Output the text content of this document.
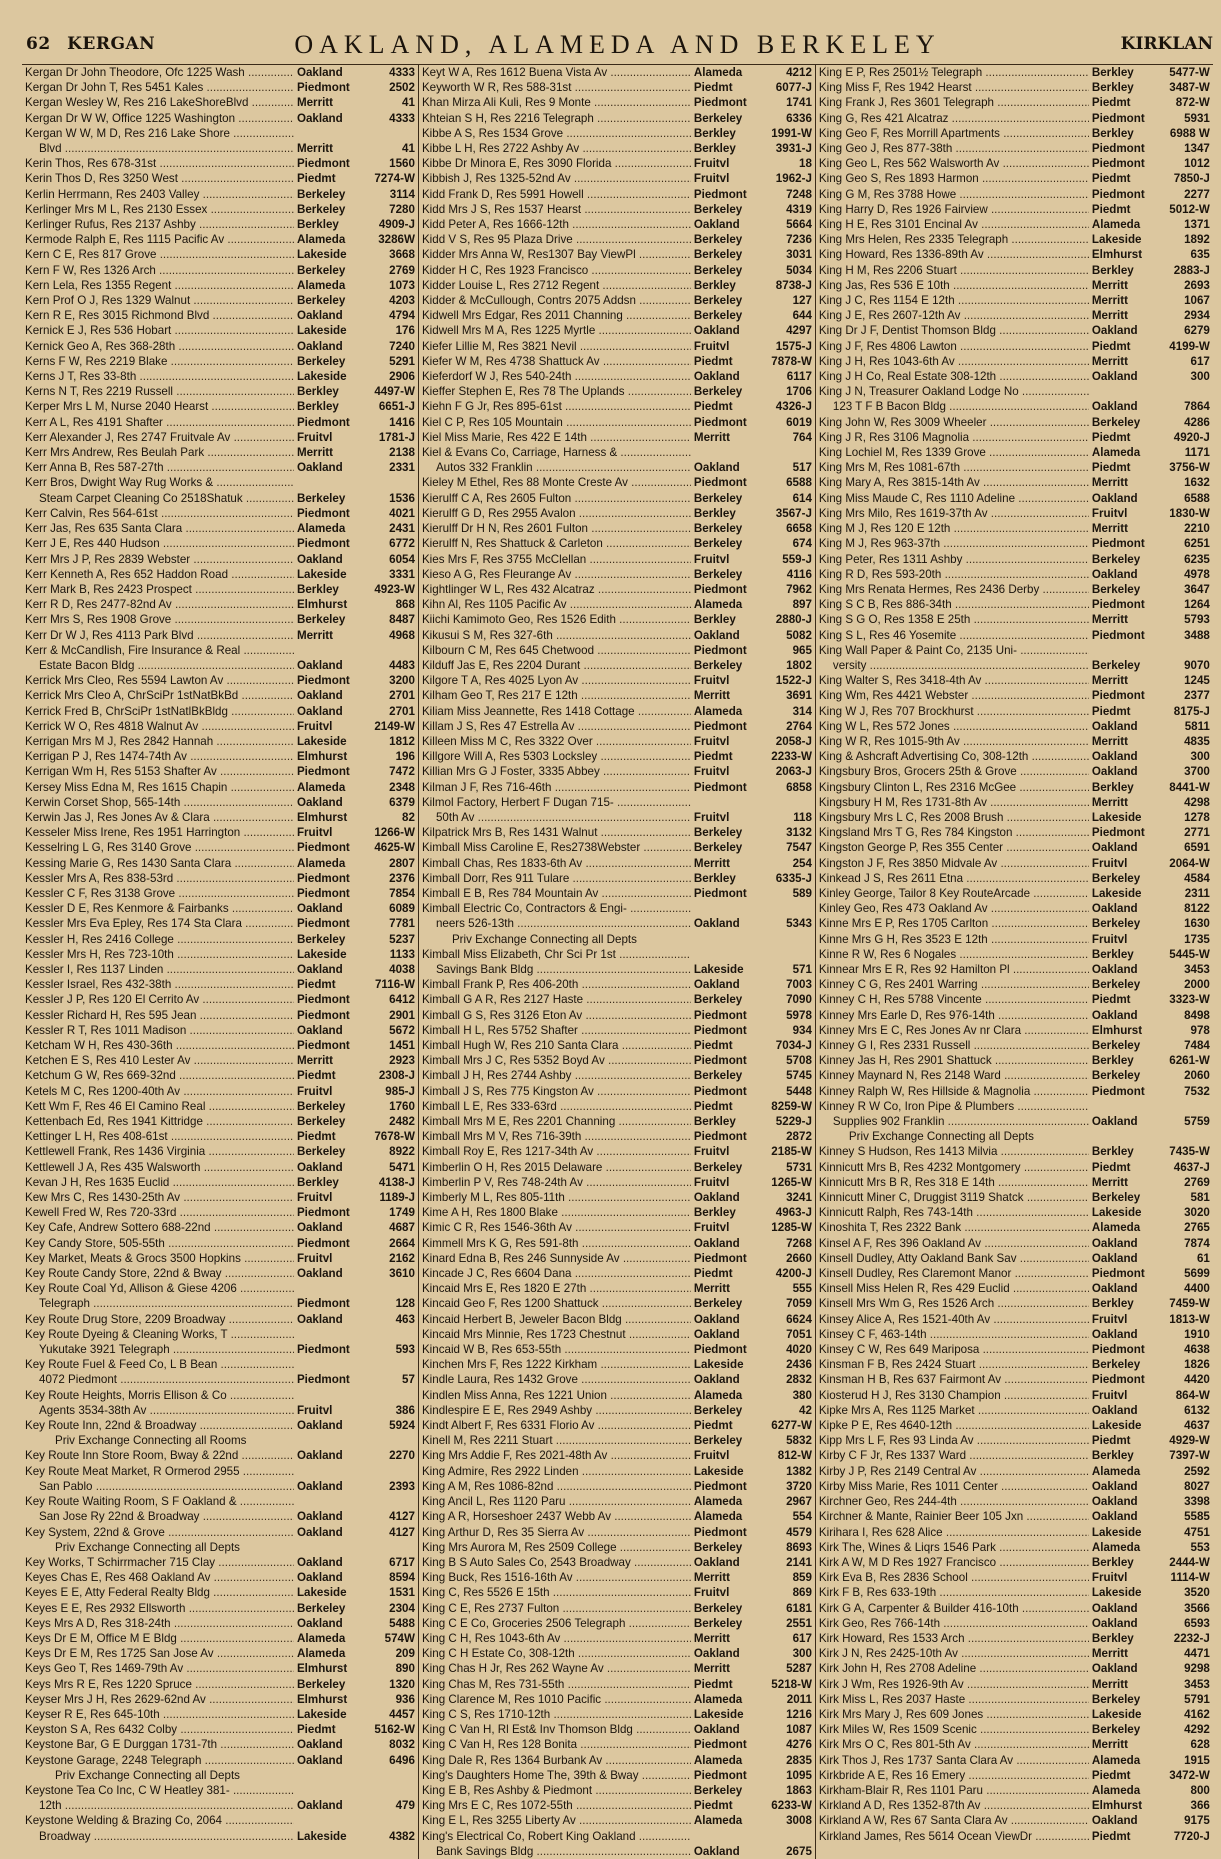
62 KERGAN	OAKLAND, ALAMEDA AND BERKELEY	KIRKLAN
Kergan Dr John Theodore, Ofc 1225 Wash .....	Oakland	4333
Kergan Dr John T, Res 5451 Kales .....	Piedmont	2502
Kergan Wesley W, Res 216 LakeShoreBlvd .....	Merritt	41
Kergan Dr W W, Office 1225 Washington .....	Oakland	4333
Kergan W W, M D, Res 216 Lake Shore .....
Blvd .....	Merritt	41
Kerin Thos, Res 678-31st .....	Piedmont	1560
Kerin Thos D, Res 3250 West .....	Piedmt	7274-W
Kerlin Herrmann, Res 2403 Valley .....	Berkeley	3114
Kerlinger Mrs M L, Res 2130 Essex .....	Berkeley	7280
Kerlinger Rufus, Res 2137 Ashby .....	Berkley	4909-J
Kermode Ralph E, Res 1115 Pacific Av .....	Alameda	3286W
Kern C E, Res 817 Grove .....	Lakeside	3668
Kern F W, Res 1326 Arch .....	Berkeley	2769
Kern Lela, Res 1355 Regent .....	Alameda	1073
Kern Prof O J, Res 1329 Walnut .....	Berkeley	4203
Kern R E, Res 3015 Richmond Blvd .....	Oakland	4794
Kernick E J, Res 536 Hobart .....	Lakeside	176
Kernick Geo A, Res 368-28th .....	Oakland	7240
Kerns F W, Res 2219 Blake .....	Berkeley	5291
Kerns J T, Res 33-8th .....	Lakeside	2906
Kerns N T, Res 2219 Russell .....	Berkley	4497-W
Kerper Mrs L M, Nurse 2040 Hearst .....	Berkley	6651-J
Kerr A L, Res 4191 Shafter .....	Piedmont	1416
Kerr Alexander J, Res 2747 Fruitvale Av .....	Fruitvl	1781-J
Kerr Mrs Andrew, Res Beulah Park .....	Merritt	2138
Kerr Anna B, Res 587-27th .....	Oakland	2331
Kerr Bros, Dwight Way Rug Works & .....
Steam Carpet Cleaning Co 2518Shatuk .....	Berkeley	1536
Kerr Calvin, Res 564-61st .....	Piedmont	4021
Kerr Jas, Res 635 Santa Clara .....	Alameda	2431
Kerr J E, Res 440 Hudson .....	Piedmont	6772
Kerr Mrs J P, Res 2839 Webster .....	Oakland	6054
Kerr Kenneth A, Res 652 Haddon Road .....	Lakeside	3331
Kerr Mark B, Res 2423 Prospect .....	Berkley	4923-W
Kerr R D, Res 2477-82nd Av .....	Elmhurst	868
Kerr Mrs S, Res 1908 Grove .....	Berkeley	8487
Kerr Dr W J, Res 4113 Park Blvd .....	Merritt	4968
Kerr & McCandlish, Fire Insurance & Real .....
Estate Bacon Bldg .....	Oakland	4483
Kerrick Mrs Cleo, Res 5594 Lawton Av .....	Piedmont	3200
Kerrick Mrs Cleo A, ChrSciPr 1stNatBkBd .....	Oakland	2701
Kerrick Fred B, ChrSciPr 1stNatlBkBldg .....	Oakland	2701
Kerrick W O, Res 4818 Walnut Av .....	Fruitvl	2149-W
Kerrigan Mrs M J, Res 2842 Hannah .....	Lakeside	1812
Kerrigan P J, Res 1474-74th Av .....	Elmhurst	196
Kerrigan Wm H, Res 5153 Shafter Av .....	Piedmont	7472
Kersey Miss Edna M, Res 1615 Chapin .....	Alameda	2348
Kerwin Corset Shop, 565-14th .....	Oakland	6379
Kerwin Jas J, Res Jones Av & Clara .....	Elmhurst	82
Kesseler Miss Irene, Res 1951 Harrington .....	Fruitvl	1266-W
Kesselring L G, Res 3140 Grove .....	Piedmont	4625-W
Kessing Marie G, Res 1430 Santa Clara .....	Alameda	2807
Kessler Mrs A, Res 838-53rd .....	Piedmont	2376
Kessler C F, Res 3138 Grove .....	Piedmont	7854
Kessler D E, Res Kenmore & Fairbanks .....	Oakland	6089
Kessler Mrs Eva Epley, Res 174 Sta Clara .....	Piedmont	7781
Kessler H, Res 2416 College .....	Berkeley	5237
Kessler Mrs H, Res 723-10th .....	Lakeside	1133
Kessler I, Res 1137 Linden .....	Oakland	4038
Kessler Israel, Res 432-38th .....	Piedmt	7116-W
Kessler J P, Res 120 El Cerrito Av .....	Piedmont	6412
Kessler Richard H, Res 595 Jean .....	Piedmont	2901
Kessler R T, Res 1011 Madison .....	Oakland	5672
Ketcham W H, Res 430-36th .....	Piedmont	1451
Ketchen E S, Res 410 Lester Av .....	Merritt	2923
Ketchum G W, Res 669-32nd .....	Piedmt	2308-J
Ketels M C, Res 1200-40th Av .....	Fruitvl	985-J
Kett Wm F, Res 46 El Camino Real .....	Berkeley	1760
Kettenbach Ed, Res 1941 Kittridge .....	Berkeley	2482
Kettinger L H, Res 408-61st .....	Piedmt	7678-W
Kettlewell Frank, Res 1436 Virginia .....	Berkeley	8922
Kettlewell J A, Res 435 Walsworth .....	Oakland	5471
Kevan J H, Res 1635 Euclid .....	Berkley	4138-J
Kew Mrs C, Res 1430-25th Av .....	Fruitvl	1189-J
Kewell Fred W, Res 720-33rd .....	Piedmont	1749
Key Cafe, Andrew Sottero 688-22nd .....	Oakland	4687
Key Candy Store, 505-55th .....	Piedmont	2664
Key Market, Meats & Grocs 3500 Hopkins .....	Fruitvl	2162
Key Route Candy Store, 22nd & Bway .....	Oakland	3610
Key Route Coal Yd, Allison & Giese 4206 .....
Telegraph .....	Piedmont	128
Key Route Drug Store, 2209 Broadway .....	Oakland	463
Key Route Dyeing & Cleaning Works, T .....
Yukutake 3921 Telegraph .....	Piedmont	593
Key Route Fuel & Feed Co, L B Bean .....
4072 Piedmont .....	Piedmont	57
Key Route Heights, Morris Ellison & Co .....
Agents 3534-38th Av .....	Fruitvl	386
Key Route Inn, 22nd & Broadway .....	Oakland	5924
Priv Exchange Connecting all Rooms
Key Route Inn Store Room, Bway & 22nd .....	Oakland	2270
Key Route Meat Market, R Ormerod 2955 .....
San Pablo .....	Oakland	2393
Key Route Waiting Room, S F Oakland & .....
San Jose Ry 22nd & Broadway .....	Oakland	4127
Key System, 22nd & Grove .....	Oakland	4127
Priv Exchange Connecting all Depts
Key Works, T Schirrmacher 715 Clay .....	Oakland	6717
Keyes Chas E, Res 468 Oakland Av .....	Oakland	8594
Keyes E E, Atty Federal Realty Bldg .....	Lakeside	1531
Keyes E E, Res 2932 Ellsworth .....	Berkeley	2304
Keys Mrs A D, Res 318-24th .....	Oakland	5488
Keys Dr E M, Office M E Bldg .....	Alameda	574W
Keys Dr E M, Res 1725 San Jose Av .....	Alameda	209
Keys Geo T, Res 1469-79th Av .....	Elmhurst	890
Keys Mrs R E, Res 1220 Spruce .....	Berkeley	1320
Keyser Mrs J H, Res 2629-62nd Av .....	Elmhurst	936
Keyser R E, Res 645-10th .....	Lakeside	4457
Keyston S A, Res 6432 Colby .....	Piedmt	5162-W
Keystone Bar, G E Durggan 1731-7th .....	Oakland	8032
Keystone Garage, 2248 Telegraph .....	Oakland	6496
Priv Exchange Connecting all Depts
Keystone Tea Co Inc, C W Heatley 381- .....
12th .....	Oakland	479
Keystone Welding & Brazing Co, 2064 .....
Broadway .....	Lakeside	4382
Keyt W A, Res 1612 Buena Vista Av .....	Alameda	4212
Keyworth W R, Res 588-31st .....	Piedmt	6077-J
Khan Mirza Ali Kuli, Res 9 Monte .....	Piedmont	1741
Khteian S H, Res 2216 Telegraph .....	Berkeley	6336
Kibbe A S, Res 1534 Grove .....	Berkley	1991-W
Kibbe L H, Res 2722 Ashby Av .....	Berkley	3931-J
Kibbe Dr Minora E, Res 3090 Florida .....	Fruitvl	18
Kibbish J, Res 1325-52nd Av .....	Fruitvl	1962-J
Kidd Frank D, Res 5991 Howell .....	Piedmont	7248
Kidd Mrs J S, Res 1537 Hearst .....	Berkeley	4319
Kidd Peter A, Res 1666-12th .....	Oakland	5664
Kidd V S, Res 95 Plaza Drive .....	Berkeley	7236
Kidder Mrs Anna W, Res1307 Bay ViewPl .....	Berkeley	3031
Kidder H C, Res 1923 Francisco .....	Berkeley	5034
Kidder Louise L, Res 2712 Regent .....	Berkley	8738-J
Kidder & McCullough, Contrs 2075 Addsn .....	Berkeley	127
Kidwell Mrs Edgar, Res 2011 Channing .....	Berkeley	644
Kidwell Mrs M A, Res 1225 Myrtle .....	Oakland	4297
Kiefer Lillie M, Res 3821 Nevil .....	Fruitvl	1575-J
Kiefer W M, Res 4738 Shattuck Av .....	Piedmt	7878-W
Kieferdorf W J, Res 540-24th .....	Oakland	6117
Kieffer Stephen E, Res 78 The Uplands .....	Berkeley	1706
Kiehn F G Jr, Res 895-61st .....	Piedmt	4326-J
Kiel C P, Res 105 Mountain .....	Piedmont	6019
Kiel Miss Marie, Res 422 E 14th .....	Merritt	764
Kiel & Evans Co, Carriage, Harness & .....
Autos 332 Franklin .....	Oakland	517
Kieley M Ethel, Res 88 Monte Creste Av .....	Piedmont	6588
Kierulff C A, Res 2605 Fulton .....	Berkeley	614
Kierulff G D, Res 2955 Avalon .....	Berkley	3567-J
Kierulff Dr H N, Res 2601 Fulton .....	Berkeley	6658
Kierulff N, Res Shattuck & Carleton .....	Berkeley	674
Kies Mrs F, Res 3755 McClellan .....	Fruitvl	559-J
Kieso A G, Res Fleurange Av .....	Berkeley	4116
Kightlinger W L, Res 432 Alcatraz .....	Piedmont	7962
Kihn Al, Res 1105 Pacific Av .....	Alameda	897
Kiichi Kamimoto Geo, Res 1526 Edith .....	Berkley	2880-J
Kikusui S M, Res 327-6th .....	Oakland	5082
Kilbourn C M, Res 645 Chetwood .....	Piedmont	965
Kilduff Jas E, Res 2204 Durant .....	Berkeley	1802
Kilgore T A, Res 4025 Lyon Av .....	Fruitvl	1522-J
Kilham Geo T, Res 217 E 12th .....	Merritt	3691
Kiliam Miss Jeannette, Res 1418 Cottage .....	Alameda	314
Killam J S, Res 47 Estrella Av .....	Piedmont	2764
Killeen Miss M C, Res 3322 Over .....	Fruitvl	2058-J
Killgore Will A, Res 5303 Locksley .....	Piedmt	2233-W
Killian Mrs G J Foster, 3335 Abbey .....	Fruitvl	2063-J
Kilman J F, Res 716-46th .....	Piedmont	6858
Kilmol Factory, Herbert F Dugan 715- .....
50th Av .....	Fruitvl	118
Kilpatrick Mrs B, Res 1431 Walnut .....	Berkeley	3132
Kimball Miss Caroline E, Res2738Webster .....	Berkeley	7547
Kimball Chas, Res 1833-6th Av .....	Merritt	254
Kimball Dorr, Res 911 Tulare .....	Berkley	6335-J
Kimball E B, Res 784 Mountain Av .....	Piedmont	589
Kimball Electric Co, Contractors & Engi- .....
neers 526-13th .....	Oakland	5343
Priv Exchange Connecting all Depts
Kimball Miss Elizabeth, Chr Sci Pr 1st .....
Savings Bank Bldg .....	Lakeside	571
Kimball Frank P, Res 406-20th .....	Oakland	7003
Kimball G A R, Res 2127 Haste .....	Berkeley	7090
Kimball G S, Res 3126 Eton Av .....	Piedmont	5978
Kimball H L, Res 5752 Shafter .....	Piedmont	934
Kimball Hugh W, Res 210 Santa Clara .....	Piedmt	7034-J
Kimball Mrs J C, Res 5352 Boyd Av .....	Piedmont	5708
Kimball J H, Res 2744 Ashby .....	Berkeley	5745
Kimball J S, Res 775 Kingston Av .....	Piedmont	5448
Kimball L E, Res 333-63rd .....	Piedmt	8259-W
Kimball Mrs M E, Res 2201 Channing .....	Berkley	5229-J
Kimball Mrs M V, Res 716-39th .....	Piedmont	2872
Kimball Roy E, Res 1217-34th Av .....	Fruitvl	2185-W
Kimberlin O H, Res 2015 Delaware .....	Berkeley	5731
Kimberlin P V, Res 748-24th Av .....	Fruitvl	1265-W
Kimberly M L, Res 805-11th .....	Oakland	3241
Kime A H, Res 1800 Blake .....	Berkley	4963-J
Kimic C R, Res 1546-36th Av .....	Fruitvl	1285-W
Kimmell Mrs K G, Res 591-8th .....	Oakland	7268
Kinard Edna B, Res 246 Sunnyside Av .....	Piedmont	2660
Kincade J C, Res 6604 Dana .....	Piedmt	4200-J
Kincaid Mrs E, Res 1820 E 27th .....	Merritt	555
Kincaid Geo F, Res 1200 Shattuck .....	Berkeley	7059
Kincaid Herbert B, Jeweler Bacon Bldg .....	Oakland	6624
Kincaid Mrs Minnie, Res 1723 Chestnut .....	Oakland	7051
Kincaid W B, Res 653-55th .....	Piedmont	4020
Kinchen Mrs F, Res 1222 Kirkham .....	Lakeside	2436
Kindle Laura, Res 1432 Grove .....	Oakland	2832
Kindlen Miss Anna, Res 1221 Union .....	Alameda	380
Kindlespire E E, Res 2949 Ashby .....	Berkeley	42
Kindt Albert F, Res 6331 Florio Av .....	Piedmt	6277-W
Kinell M, Res 2211 Stuart .....	Berkeley	5832
King Mrs Addie F, Res 2021-48th Av .....	Fruitvl	812-W
King Admire, Res 2922 Linden .....	Lakeside	1382
King A M, Res 1086-82nd .....	Piedmont	3720
King Ancil L, Res 1120 Paru .....	Alameda	2967
King A R, Horseshoer 2437 Webb Av .....	Alameda	554
King Arthur D, Res 35 Sierra Av .....	Piedmont	4579
King Mrs Aurora M, Res 2509 College .....	Berkeley	8693
King B S Auto Sales Co, 2543 Broadway .....	Oakland	2141
King Buck, Res 1516-16th Av .....	Merritt	859
King C, Res 5526 E 15th .....	Fruitvl	869
King C E, Res 2737 Fulton .....	Berkeley	6181
King C E Co, Groceries 2506 Telegraph .....	Berkeley	2551
King C H, Res 1043-6th Av .....	Merritt	617
King C H Estate Co, 308-12th .....	Oakland	300
King Chas H Jr, Res 262 Wayne Av .....	Merritt	5287
King Chas M, Res 731-55th .....	Piedmt	5218-W
King Clarence M, Res 1010 Pacific .....	Alameda	2011
King C S, Res 1710-12th .....	Lakeside	1216
King C Van H, Rl Est& Inv Thomson Bldg .....	Oakland	1087
King C Van H, Res 128 Bonita .....	Piedmont	4276
King Dale R, Res 1364 Burbank Av .....	Alameda	2835
King's Daughters Home The, 39th & Bway .....	Piedmont	1095
King E B, Res Ashby & Piedmont .....	Berkeley	1863
King Mrs E C, Res 1072-55th .....	Piedmt	6233-W
King E L, Res 3255 Liberty Av .....	Alameda	3008
King's Electrical Co, Robert King Oakland .....
Bank Savings Bldg .....	Oakland	2675
King E P, Res 2501½ Telegraph .....	Berkley	5477-W
King Miss F, Res 1942 Hearst .....	Berkley	3487-W
King Frank J, Res 3601 Telegraph .....	Piedmt	872-W
King G, Res 421 Alcatraz .....	Piedmont	5931
King Geo F, Res Morrill Apartments .....	Berkley	6988 W
King Geo J, Res 877-38th .....	Piedmont	1347
King Geo L, Res 562 Walsworth Av .....	Piedmont	1012
King Geo S, Res 1893 Harmon .....	Piedmt	7850-J
King G M, Res 3788 Howe .....	Piedmont	2277
King Harry D, Res 1926 Fairview .....	Piedmt	5012-W
King H E, Res 3101 Encinal Av .....	Alameda	1371
King Mrs Helen, Res 2335 Telegraph .....	Lakeside	1892
King Howard, Res 1336-89th Av .....	Elmhurst	635
King H M, Res 2206 Stuart .....	Berkley	2883-J
King Jas, Res 536 E 10th .....	Merritt	2693
King J C, Res 1154 E 12th .....	Merritt	1067
King J E, Res 2607-12th Av .....	Merritt	2934
King Dr J F, Dentist Thomson Bldg .....	Oakland	6279
King J F, Res 4806 Lawton .....	Piedmt	4199-W
King J H, Res 1043-6th Av .....	Merritt	617
King J H Co, Real Estate 308-12th .....	Oakland	300
King J N, Treasurer Oakland Lodge No .....
123 T F B Bacon Bldg .....	Oakland	7864
King John W, Res 3009 Wheeler .....	Berkeley	4286
King J R, Res 3106 Magnolia .....	Piedmt	4920-J
King Lochiel M, Res 1339 Grove .....	Alameda	1171
King Mrs M, Res 1081-67th .....	Piedmt	3756-W
King Mary A, Res 3815-14th Av .....	Merritt	1632
King Miss Maude C, Res 1110 Adeline .....	Oakland	6588
King Mrs Milo, Res 1619-37th Av .....	Fruitvl	1830-W
King M J, Res 120 E 12th .....	Merritt	2210
King M J, Res 963-37th .....	Piedmont	6251
King Peter, Res 1311 Ashby .....	Berkeley	6235
King R D, Res 593-20th .....	Oakland	4978
King Mrs Renata Hermes, Res 2436 Derby .....	Berkeley	3647
King S C B, Res 886-34th .....	Piedmont	1264
King S G O, Res 1358 E 25th .....	Merritt	5793
King S L, Res 46 Yosemite .....	Piedmont	3488
King Wall Paper & Paint Co, 2135 Uni- .....
versity .....	Berkeley	9070
King Walter S, Res 3418-4th Av .....	Merritt	1245
King Wm, Res 4421 Webster .....	Piedmont	2377
King W J, Res 707 Brockhurst .....	Piedmt	8175-J
King W L, Res 572 Jones .....	Oakland	5811
King W R, Res 1015-9th Av .....	Merritt	4835
King & Ashcraft Advertising Co, 308-12th .....	Oakland	300
Kingsbury Bros, Grocers 25th & Grove .....	Oakland	3700
Kingsbury Clinton L, Res 2316 McGee .....	Berkley	8441-W
Kingsbury H M, Res 1731-8th Av .....	Merritt	4298
Kingsbury Mrs L C, Res 2008 Brush .....	Lakeside	1278
Kingsland Mrs T G, Res 784 Kingston .....	Piedmont	2771
Kingston George P, Res 355 Center .....	Oakland	6591
Kingston J F, Res 3850 Midvale Av .....	Fruitvl	2064-W
Kinkead J S, Res 2611 Etna .....	Berkeley	4584
Kinley George, Tailor 8 Key RouteArcade .....	Lakeside	2311
Kinley Geo, Res 473 Oakland Av .....	Oakland	8122
Kinne Mrs E P, Res 1705 Carlton .....	Berkeley	1630
Kinne Mrs G H, Res 3523 E 12th .....	Fruitvl	1735
Kinne R W, Res 6 Nogales .....	Berkley	5445-W
Kinnear Mrs E R, Res 92 Hamilton Pl .....	Oakland	3453
Kinney C G, Res 2401 Warring .....	Berkeley	2000
Kinney C H, Res 5788 Vincente .....	Piedmt	3323-W
Kinney Mrs Earle D, Res 976-14th .....	Oakland	8498
Kinney Mrs E C, Res Jones Av nr Clara .....	Elmhurst	978
Kinney G I, Res 2331 Russell .....	Berkeley	7484
Kinney Jas H, Res 2901 Shattuck .....	Berkley	6261-W
Kinney Maynard N, Res 2148 Ward .....	Berkeley	2060
Kinney Ralph W, Res Hillside & Magnolia .....	Piedmont	7532
Kinney R W Co, Iron Pipe & Plumbers .....
Supplies 902 Franklin .....	Oakland	5759
Priv Exchange Connecting all Depts
Kinney S Hudson, Res 1413 Milvia .....	Berkley	7435-W
Kinnicutt Mrs B, Res 4232 Montgomery .....	Piedmt	4637-J
Kinnicutt Mrs B R, Res 318 E 14th .....	Merritt	2769
Kinnicutt Miner C, Druggist 3119 Shatck .....	Berkeley	581
Kinnicutt Ralph, Res 743-14th .....	Lakeside	3020
Kinoshita T, Res 2322 Bank .....	Alameda	2765
Kinsel A F, Res 396 Oakland Av .....	Oakland	7874
Kinsell Dudley, Atty Oakland Bank Sav .....	Oakland	61
Kinsell Dudley, Res Claremont Manor .....	Piedmont	5699
Kinsell Miss Helen R, Res 429 Euclid .....	Oakland	4400
Kinsell Mrs Wm G, Res 1526 Arch .....	Berkley	7459-W
Kinsey Alice A, Res 1521-40th Av .....	Fruitvl	1813-W
Kinsey C F, 463-14th .....	Oakland	1910
Kinsey C W, Res 649 Mariposa .....	Piedmont	4638
Kinsman F B, Res 2424 Stuart .....	Berkeley	1826
Kinsman H B, Res 637 Fairmont Av .....	Piedmont	4420
Kiosterud H J, Res 3130 Champion .....	Fruitvl	864-W
Kipke Mrs A, Res 1125 Market .....	Oakland	6132
Kipke P E, Res 4640-12th .....	Lakeside	4637
Kipp Mrs L F, Res 93 Linda Av .....	Piedmt	4929-W
Kirby C F Jr, Res 1337 Ward .....	Berkley	7397-W
Kirby J P, Res 2149 Central Av .....	Alameda	2592
Kirby Miss Marie, Res 1011 Center .....	Oakland	8027
Kirchner Geo, Res 244-4th .....	Oakland	3398
Kirchner & Mante, Rainier Beer 105 Jxn .....	Oakland	5585
Kirihara I, Res 628 Alice .....	Lakeside	4751
Kirk The, Wines & Liqrs 1546 Park .....	Alameda	553
Kirk A W, M D Res 1927 Francisco .....	Berkley	2444-W
Kirk Eva B, Res 2836 School .....	Fruitvl	1114-W
Kirk F B, Res 633-19th .....	Lakeside	3520
Kirk G A, Carpenter & Builder 416-10th .....	Oakland	3566
Kirk Geo, Res 766-14th .....	Oakland	6593
Kirk Howard, Res 1533 Arch .....	Berkley	2232-J
Kirk J N, Res 2425-10th Av .....	Merritt	4471
Kirk John H, Res 2708 Adeline .....	Oakland	9298
Kirk J Wm, Res 1926-9th Av .....	Merritt	3453
Kirk Miss L, Res 2037 Haste .....	Berkeley	5791
Kirk Mrs Mary J, Res 609 Jones .....	Lakeside	4162
Kirk Miles W, Res 1509 Scenic .....	Berkeley	4292
Kirk Mrs O C, Res 801-5th Av .....	Merritt	628
Kirk Thos J, Res 1737 Santa Clara Av .....	Alameda	1915
Kirkbride A E, Res 16 Emery .....	Piedmt	3472-W
Kirkham-Blair R, Res 1101 Paru .....	Alameda	800
Kirkland A D, Res 1352-87th Av .....	Elmhurst	366
Kirkland A W, Res 67 Santa Clara Av .....	Oakland	9175
Kirkland James, Res 5614 Ocean ViewDr .....	Piedmt	7720-J
